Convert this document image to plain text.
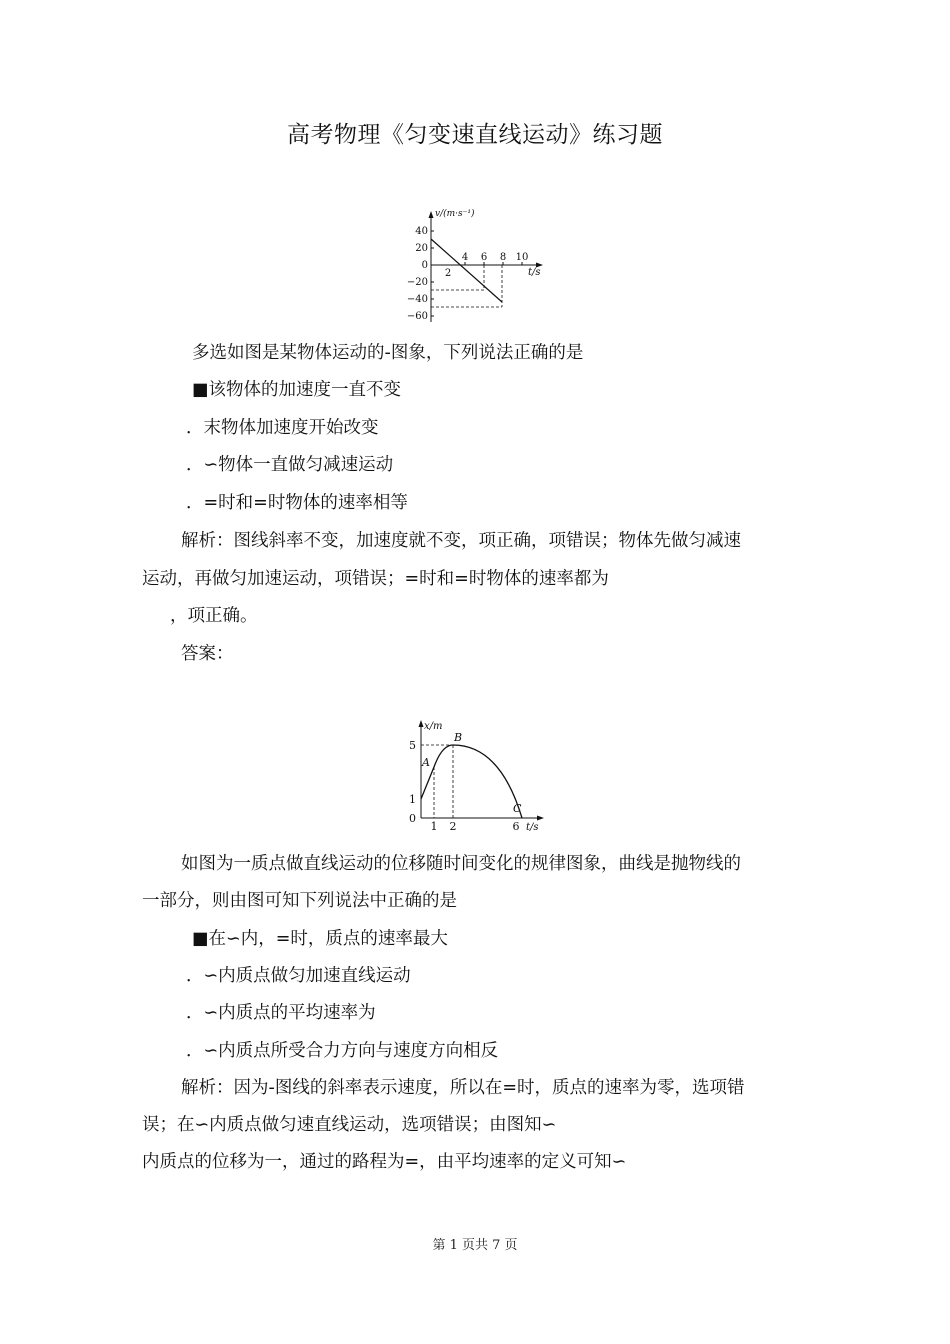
高考物理《匀变速直线运动》练习题
v/(m·s⁻¹)
t/s
40
20
0
−20
−40
−60
2
4 6 8 10
多选如图是某物体运动的-图象，下列说法正确的是
■该物体的加速度一直不变
．末物体加速度开始改变
．∽物体一直做匀减速运动
．=时和=时物体的速率相等
解析：图线斜率不变，加速度就不变，项正确，项错误；物体先做匀减速
运动，再做匀加速运动，项错误；=时和=时物体的速率都为
，项正确。
答案：
x/m
t/s
5
1
0
1 2	6
A
B
C
如图为一质点做直线运动的位移随时间变化的规律图象，曲线是抛物线的
一部分，则由图可知下列说法中正确的是
■在∽内，=时，质点的速率最大
．∽内质点做匀加速直线运动
．∽内质点的平均速率为
．∽内质点所受合力方向与速度方向相反
解析：因为-图线的斜率表示速度，所以在=时，质点的速率为零，选项错
误；在∽内质点做匀速直线运动，选项错误；由图知∽
内质点的位移为一，通过的路程为=，由平均速率的定义可知∽
第 1 页共 7 页
